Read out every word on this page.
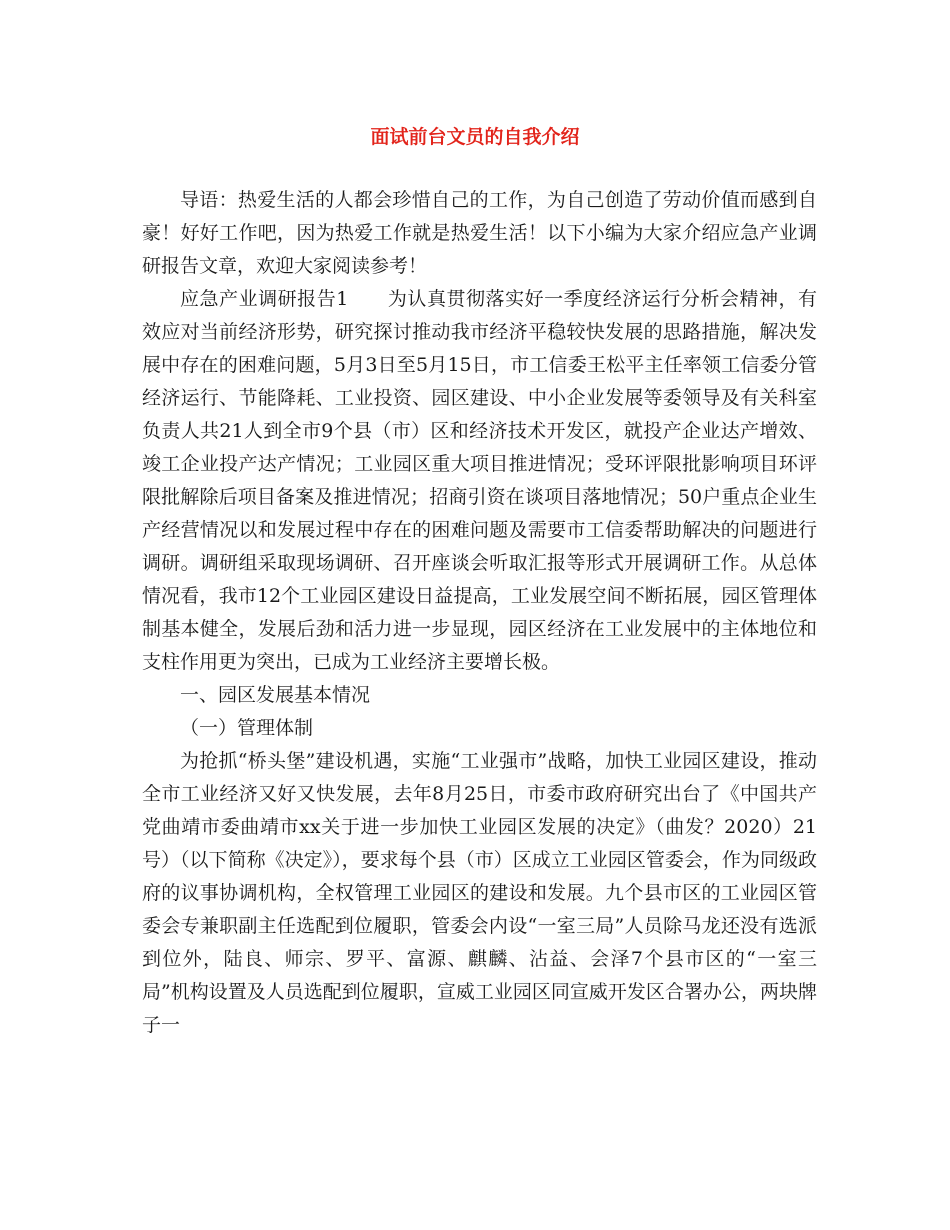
面试前台文员的自我介绍

导语：热爱生活的人都会珍惜自己的工作，为自己创造了劳动价值而感到自豪！好好工作吧，因为热爱工作就是热爱生活！以下小编为大家介绍应急产业调研报告文章，欢迎大家阅读参考！

应急产业调研报告1　　为认真贯彻落实好一季度经济运行分析会精神，有效应对当前经济形势，研究探讨推动我市经济平稳较快发展的思路措施，解决发展中存在的困难问题，5月3日至5月15日，市工信委王松平主任率领工信委分管经济运行、节能降耗、工业投资、园区建设、中小企业发展等委领导及有关科室负责人共21人到全市9个县（市）区和经济技术开发区，就投产企业达产增效、竣工企业投产达产情况；工业园区重大项目推进情况；受环评限批影响项目环评限批解除后项目备案及推进情况；招商引资在谈项目落地情况；50户重点企业生产经营情况以和发展过程中存在的困难问题及需要市工信委帮助解决的问题进行调研。调研组采取现场调研、召开座谈会听取汇报等形式开展调研工作。从总体情况看，我市12个工业园区建设日益提高，工业发展空间不断拓展，园区管理体制基本健全，发展后劲和活力进一步显现，园区经济在工业发展中的主体地位和支柱作用更为突出，已成为工业经济主要增长极。

一、园区发展基本情况

（一）管理体制

为抢抓“桥头堡”建设机遇，实施“工业强市”战略，加快工业园区建设，推动全市工业经济又好又快发展，去年8月25日，市委市政府研究出台了《中国共产党曲靖市委曲靖市xx关于进一步加快工业园区发展的决定》（曲发？2020）21号）（以下简称《决定》），要求每个县（市）区成立工业园区管委会，作为同级政府的议事协调机构，全权管理工业园区的建设和发展。九个县市区的工业园区管委会专兼职副主任选配到位履职，管委会内设“一室三局”人员除马龙还没有选派到位外，陆良、师宗、罗平、富源、麒麟、沾益、会泽7个县市区的“一室三局”机构设置及人员选配到位履职，宣威工业园区同宣威开发区合署办公，两块牌子一
